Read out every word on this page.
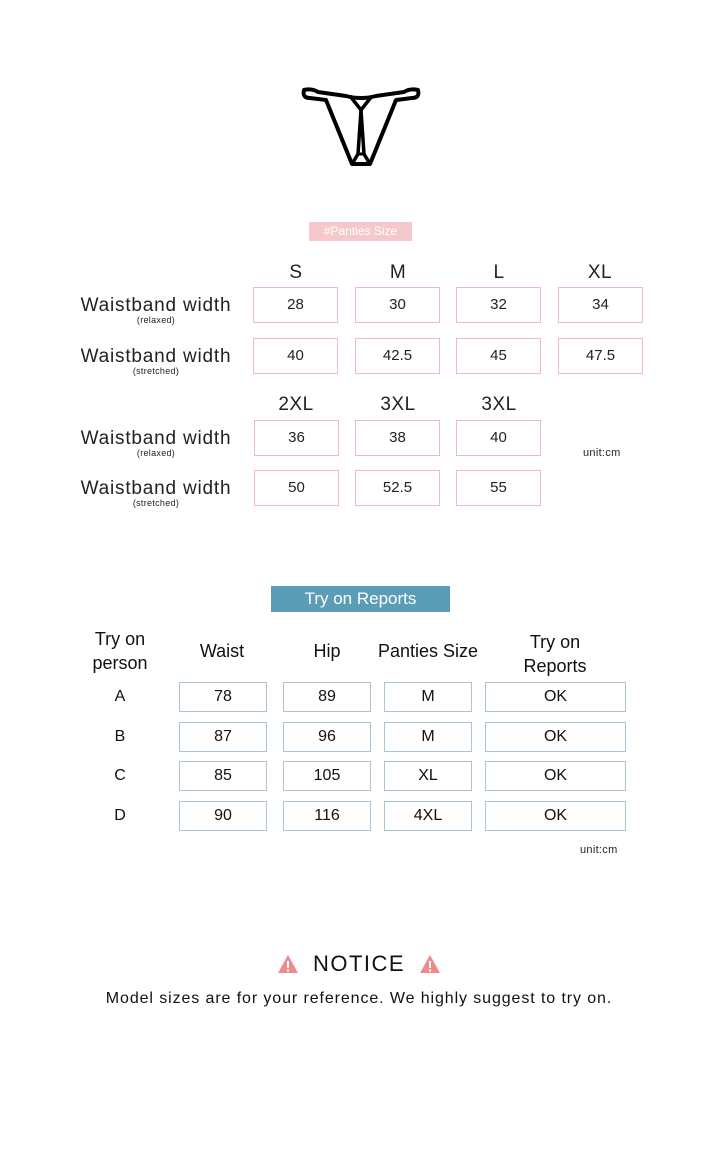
#Panties Size
S	M	L	XL
Waistband width
(relaxed)
28	30	32	34
Waistband width
(stretched)
40	42.5	45	47.5
2XL	3XL	3XL
Waistband width
(relaxed)
36	38	40
unit:cm
Waistband width
(stretched)
50	52.5	55
Try on Reports
Try on
person
Waist	Hip	Panties Size	Try on
Reports
A	78	89	M	OK
B	87	96	M	OK
C	85	105	XL	OK
D	90	116	4XL	OK
unit:cm
NOTICE
Model sizes are for your reference. We highly suggest to try on.
